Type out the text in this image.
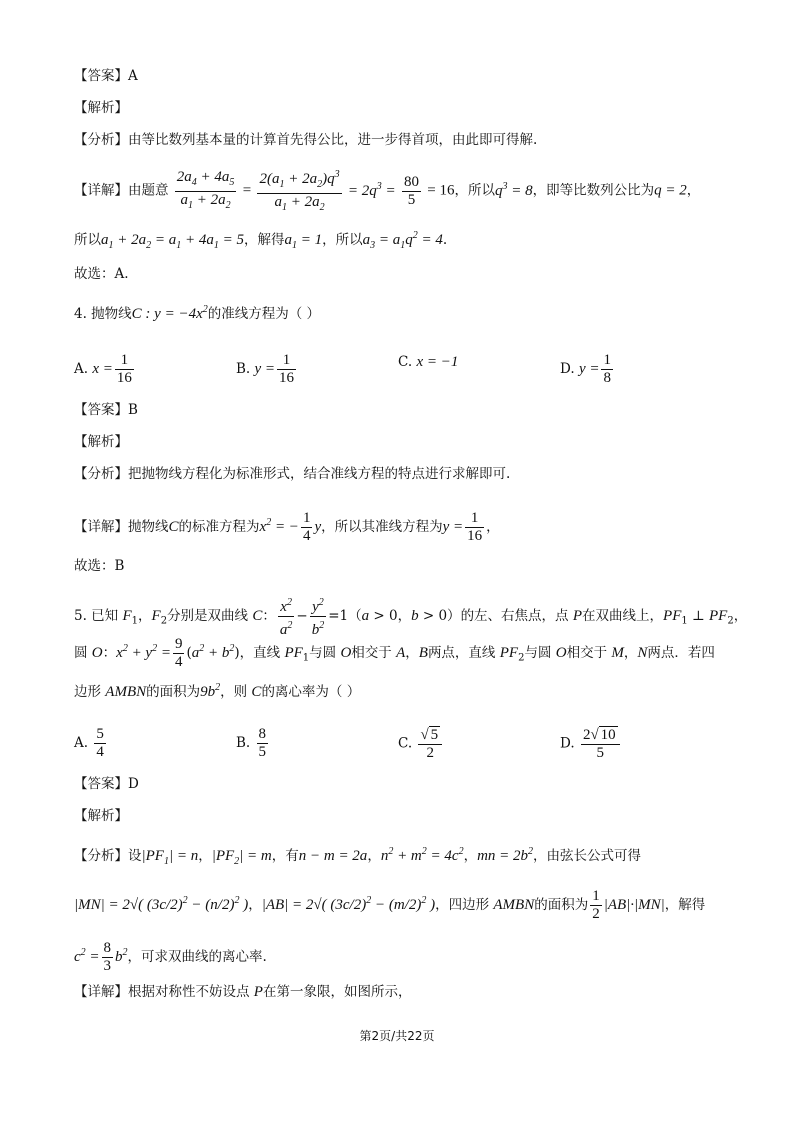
【答案】A
【解析】
【分析】由等比数列基本量的计算首先得公比，进一步得首项，由此即可得解.
【详解】由题意 $\frac{2a_4 + 4a_5}{a_1 + 2a_2} = \frac{2(a_1 + 2a_2)q^3}{a_1 + 2a_2} = 2q^3 = \frac{80}{5} = 16$，所以$q^3 = 8$，即等比数列公比为q = 2，
所以$a_1 + 2a_2 = a_1 + 4a_1 = 5$，解得$a_1 = 1$，所以$a_3 = a_1q^2 = 4$.
故选：A.
4. 抛物线C : $y = -4x^2$的准线方程为（ ）
A. $x = \frac{1}{16}$	B. $y = \frac{1}{16}$	C. x = −1	D. $y = \frac{1}{8}$
【答案】B
【解析】
【分析】把抛物线方程化为标准形式，结合准线方程的特点进行求解即可.
【详解】抛物线C的标准方程为$x^2$ = − $\frac{1}{4}$ y，所以其准线方程为$y = \frac{1}{16}$ ，
故选：B
5. 已知 $F_1$，$F_2$分别是双曲线 C： $\frac{x^2}{a^2} - \frac{y^2}{b^2} =1(a > 0$，b > 0）的左、右焦点，点 P在双曲线上，$PF_1$ ⊥ $PF_2$，
圆 O：$x^2 + y^2 = \frac{9}{4} (a^2 + b^2)$，直线 $PF_1$与圆 O相交于 A，B两点，直线 $PF_2$与圆 O相交于 M，N两点．若四
边形 AMBN的面积为$9b^2$，则 C的离心率为（ ）
A. $\frac{5}{4}$	B. $\frac{8}{5}$	C. $\frac{√ 5}{2}$	D. $\frac{2√ 10}{5}$
【答案】D
【解析】
【分析】设$|PF_1| = n$，$|PF_2| = m$，有n − m = 2a，$n^2 + m^2 = 4c^2$，mn = $2b^2$，由弦长公式可得
|MN| = 2√( $(3c/2)^2 - (n/2)^2$ )，|AB| = 2√( $(3c/2)^2 - (m/2)^2$ )，四边形 AMBN的面积为 $\frac{1}{2} |AB|\cdot|MN|$，解得
$c^2 = \frac{8}{3} b^2$，可求双曲线的离心率.
【详解】根据对称性不妨设点 P在第一象限，如图所示，
第2页/共22页
